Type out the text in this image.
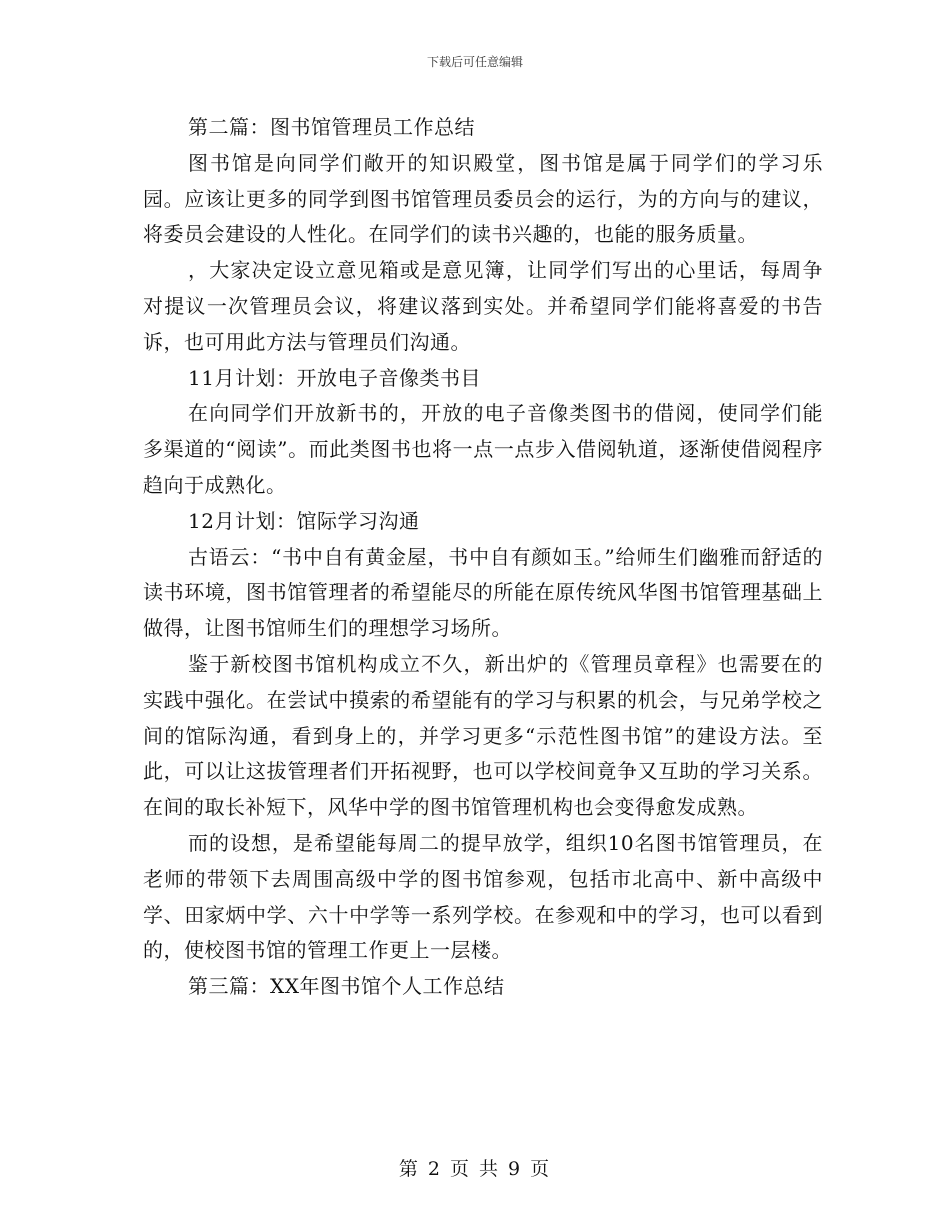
下载后可任意编辑

第二篇：图书馆管理员工作总结

图书馆是向同学们敞开的知识殿堂，图书馆是属于同学们的学习乐园。应该让更多的同学到图书馆管理员委员会的运行，为的方向与的建议，将委员会建设的人性化。在同学们的读书兴趣的，也能的服务质量。

，大家决定设立意见箱或是意见簿，让同学们写出的心里话，每周争对提议一次管理员会议，将建议落到实处。并希望同学们能将喜爱的书告诉，也可用此方法与管理员们沟通。

11月计划：开放电子音像类书目

在向同学们开放新书的，开放的电子音像类图书的借阅，使同学们能多渠道的“阅读”。而此类图书也将一点一点步入借阅轨道，逐渐使借阅程序趋向于成熟化。

12月计划：馆际学习沟通

古语云：“书中自有黄金屋，书中自有颜如玉。”给师生们幽雅而舒适的读书环境，图书馆管理者的希望能尽的所能在原传统风华图书馆管理基础上做得，让图书馆师生们的理想学习场所。

鉴于新校图书馆机构成立不久，新出炉的《管理员章程》也需要在的实践中强化。在尝试中摸索的希望能有的学习与积累的机会，与兄弟学校之间的馆际沟通，看到身上的，并学习更多“示范性图书馆”的建设方法。至此，可以让这拔管理者们开拓视野，也可以学校间竟争又互助的学习关系。在间的取长补短下，风华中学的图书馆管理机构也会变得愈发成熟。

而的设想，是希望能每周二的提早放学，组织10名图书馆管理员，在老师的带领下去周围高级中学的图书馆参观，包括市北高中、新中高级中学、田家炳中学、六十中学等一系列学校。在参观和中的学习，也可以看到的，使校图书馆的管理工作更上一层楼。

第三篇：XX年图书馆个人工作总结

第 2 页 共 9 页
